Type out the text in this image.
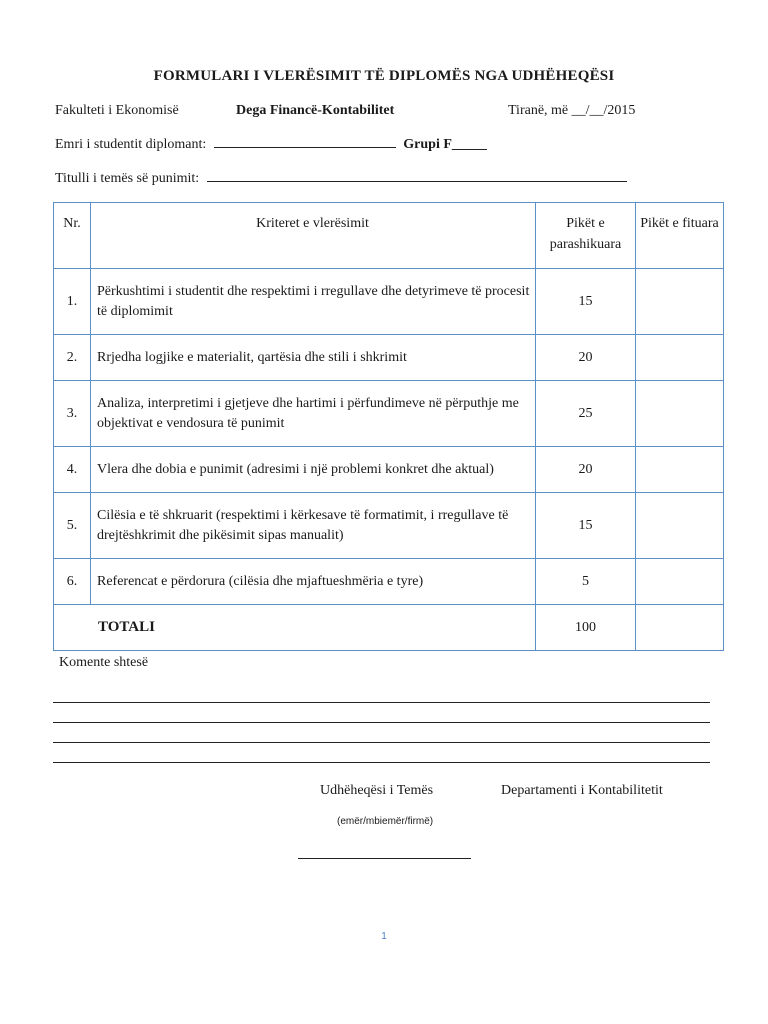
FORMULARI I VLERËSIMIT TË DIPLOMËS NGA UDHËHEQËSI
Fakulteti i Ekonomisë	Dega Financë-Kontabilitet	Tiranë, më __/__/2015
Emri i studentit diplomant:	Grupi F_____
Titulli i temës së punimit:
Nr.	Kriteret e vlerësimit	Pikët e parashikuara	Pikët e fituara
1.	Përkushtimi i studentit dhe respektimi i rregullave dhe detyrimeve të procesit të diplomimit	15	
2.	Rrjedha logjike e materialit, qartësia dhe stili i shkrimit	20	
3.	Analiza, interpretimi i gjetjeve dhe hartimi i përfundimeve në përputhje me objektivat e vendosura të punimit	25	
4.	Vlera dhe dobia e punimit (adresimi i një problemi konkret dhe aktual)	20	
5.	Cilësia e të shkruarit (respektimi i kërkesave të formatimit, i rregullave të drejtëshkrimit dhe pikësimit sipas manualit)	15	
6.	Referencat e përdorura (cilësia dhe mjaftueshmëria e tyre)	5	
TOTALI		100	
Komente shtesë
Udhëheqësi i Temës	Departamenti i Kontabilitetit
(emër/mbiemër/firmë)
1
